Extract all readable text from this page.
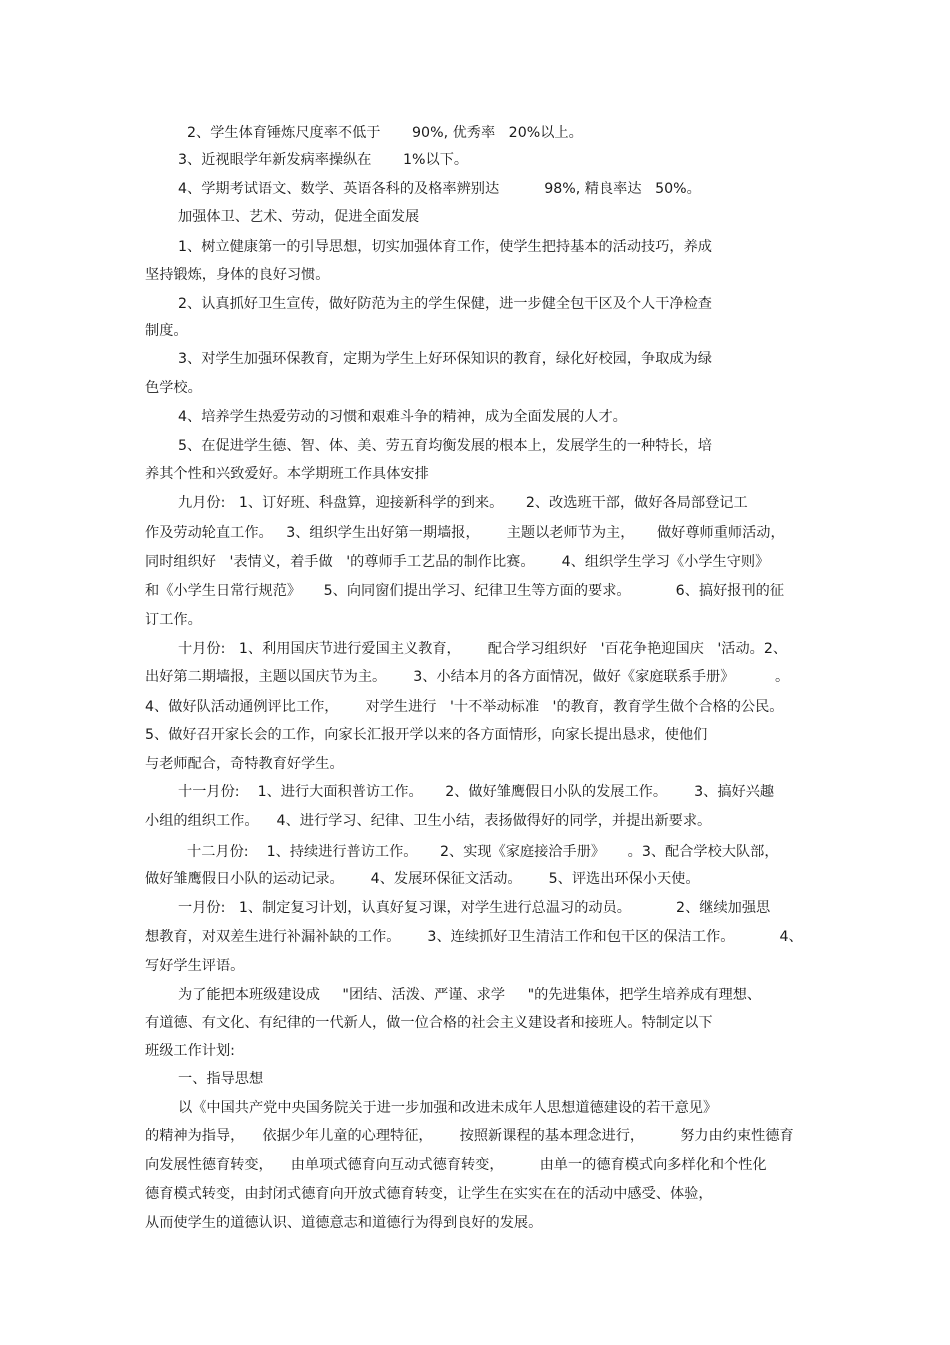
2、学生体育锤炼尺度率不低于       90%, 优秀率   20%以上。
3、近视眼学年新发病率操纵在       1%以下。
4、学期考试语文、数学、英语各科的及格率辨别达          98%, 精良率达   50%。
加强体卫、艺术、劳动，促进全面发展
1、树立健康第一的引导思想，切实加强体育工作，使学生把持基本的活动技巧，养成
坚持锻炼，身体的良好习惯。
2、认真抓好卫生宣传，做好防范为主的学生保健，进一步健全包干区及个人干净检查
制度。
3、对学生加强环保教育，定期为学生上好环保知识的教育，绿化好校园，争取成为绿
色学校。
4、培养学生热爱劳动的习惯和艰难斗争的精神，成为全面发展的人才。
5、在促进学生德、智、体、美、劳五育均衡发展的根本上，发展学生的一种特长，培
养其个性和兴致爱好。本学期班工作具体安排
九月份:   1、订好班、科盘算，迎接新科学的到来。     2、改选班干部，做好各局部登记工
作及劳动轮直工作。   3、组织学生出好第一期墙报，      主题以老师节为主，     做好尊师重师活动，
同时组织好   '表情义，着手做   '的尊师手工艺品的制作比赛。      4、组织学生学习《小学生守则》
和《小学生日常行规范》     5、向同窗们提出学习、纪律卫生等方面的要求。          6、搞好报刊的征
订工作。
十月份:   1、利用国庆节进行爱国主义教育，      配合学习组织好   '百花争艳迎国庆   '活动。2、
出好第二期墙报，主题以国庆节为主。      3、小结本月的各方面情况，做好《家庭联系手册》         。
4、做好队活动通例评比工作，      对学生进行   '十不举动标准   '的教育，教育学生做个合格的公民。
5、做好召开家长会的工作，向家长汇报开学以来的各方面情形，向家长提出恳求，使他们
与老师配合，奇特教育好学生。
十一月份:    1、进行大面积普访工作。     2、做好雏鹰假日小队的发展工作。      3、搞好兴趣
小组的组织工作。    4、进行学习、纪律、卫生小结，表扬做得好的同学，并提出新要求。
十二月份:    1、持续进行普访工作。     2、实现《家庭接洽手册》     。3、配合学校大队部，
做好雏鹰假日小队的运动记录。      4、发展环保征文活动。      5、评选出环保小天使。
一月份:   1、制定复习计划，认真好复习课，对学生进行总温习的动员。          2、继续加强思
想教育，对双差生进行补漏补缺的工作。      3、连续抓好卫生清洁工作和包干区的保洁工作。          4、
写好学生评语。
为了能把本班级建设成     "团结、活泼、严谨、求学     "的先进集体，把学生培养成有理想、
有道德、有文化、有纪律的一代新人，做一位合格的社会主义建设者和接班人。特制定以下
班级工作计划:
一、指导思想
以《中国共产党中央国务院关于进一步加强和改进未成年人思想道德建设的若干意见》
的精神为指导，    依据少年儿童的心理特征，      按照新课程的基本理念进行，        努力由约束性德育
向发展性德育转变，    由单项式德育向互动式德育转变，        由单一的德育模式向多样化和个性化
德育模式转变，由封闭式德育向开放式德育转变，让学生在实实在在的活动中感受、体验，
从而使学生的道德认识、道德意志和道德行为得到良好的发展。
